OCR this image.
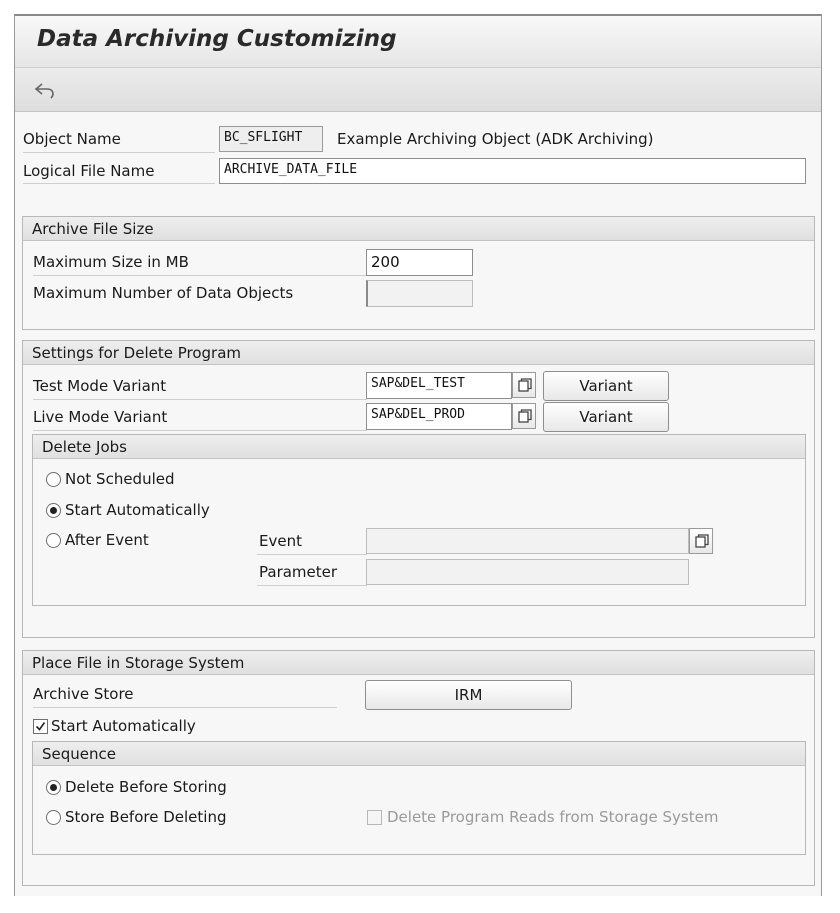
Data Archiving Customizing
Object Name	BC_SFLIGHT	Example Archiving Object (ADK Archiving)
Logical File Name	ARCHIVE_DATA_FILE
Archive File Size
Maximum Size in MB	200
Maximum Number of Data Objects
Settings for Delete Program
Test Mode Variant	SAP&DEL_TEST	Variant
Live Mode Variant	SAP&DEL_PROD	Variant
Delete Jobs
Not Scheduled
Start Automatically
After Event	Event
Parameter
Place File in Storage System
Archive Store	IRM
Start Automatically
Sequence
Delete Before Storing
Store Before Deleting	Delete Program Reads from Storage System
